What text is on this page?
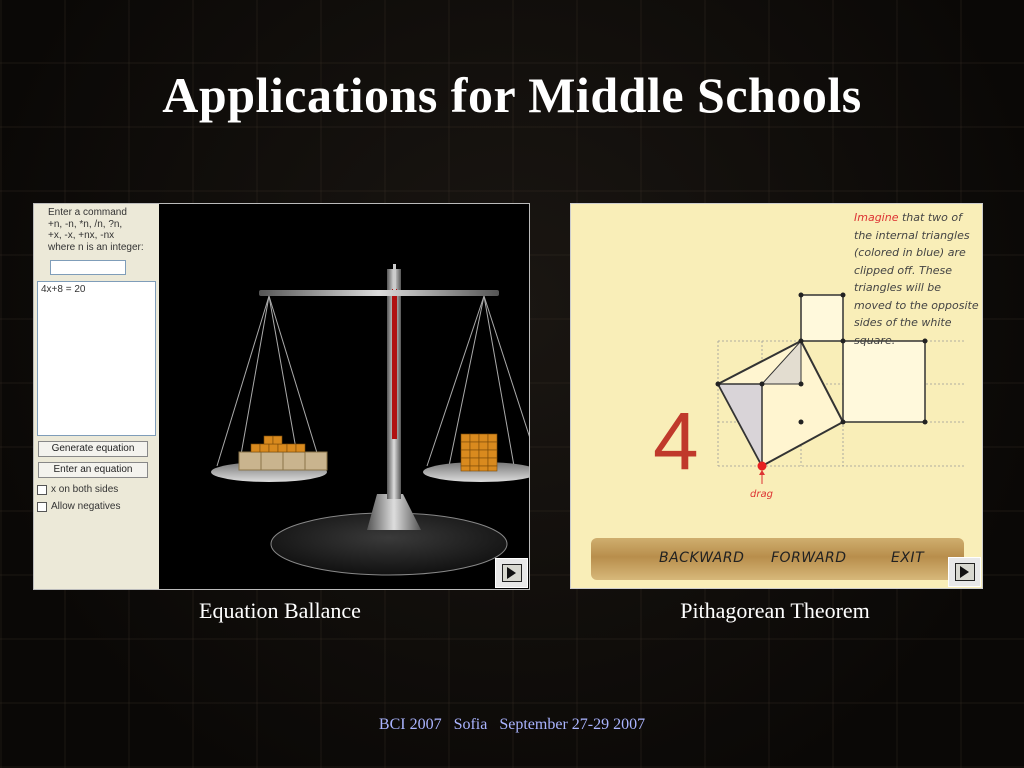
Applications for Middle Schools
Enter a command
+n, -n, *n, /n, ?n,
+x, -x, +nx, -nx
where n is an integer:
4x+8 = 20
Generate equation
Enter an equation
x on both sides
Allow negatives
Equation Ballance
drag
4
Imagine that two of the internal triangles (colored in blue) are clipped off. These triangles will be moved to the opposite sides of the white square.
BACKWARD FORWARD	EXIT
Pithagorean Theorem
BCI 2007 Sofia September 27-29 2007
